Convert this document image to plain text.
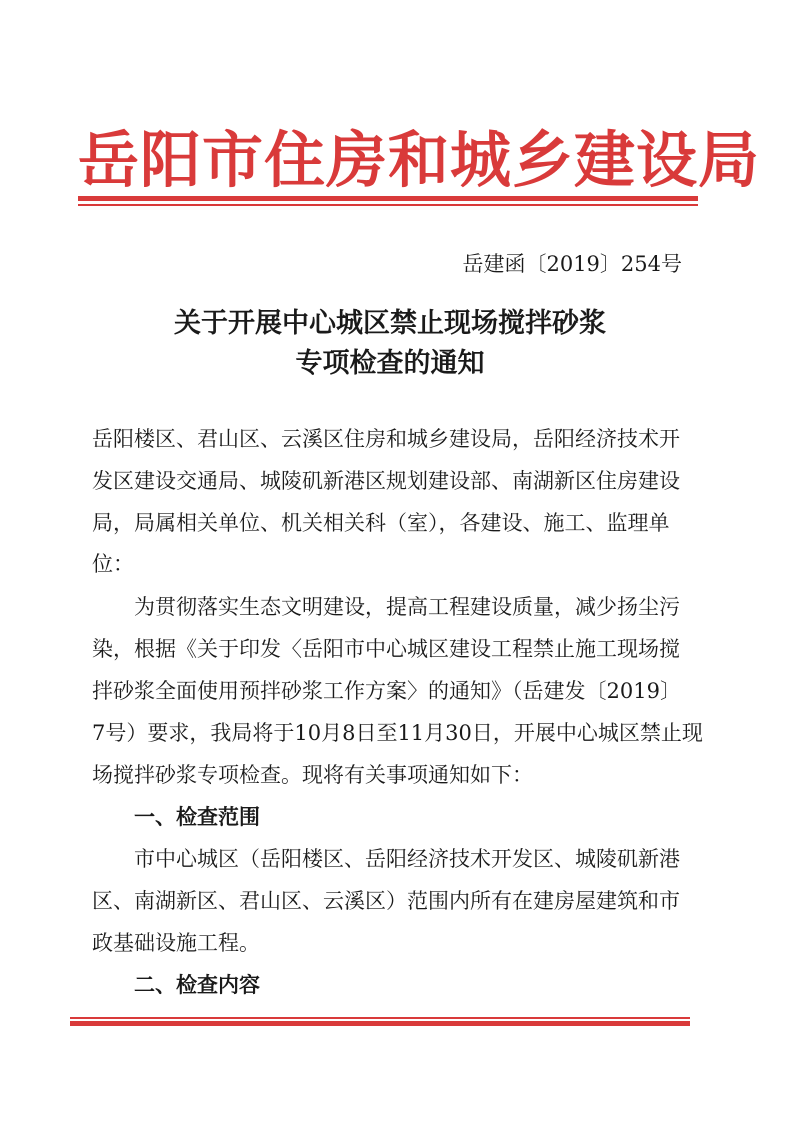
岳阳市住房和城乡建设局
岳建函〔2019〕254号
关于开展中心城区禁止现场搅拌砂浆
专项检查的通知
岳阳楼区、君山区、云溪区住房和城乡建设局，岳阳经济技术开
发区建设交通局、城陵矶新港区规划建设部、南湖新区住房建设
局，局属相关单位、机关相关科（室），各建设、施工、监理单
位：
为贯彻落实生态文明建设，提高工程建设质量，减少扬尘污
染，根据《关于印发〈岳阳市中心城区建设工程禁止施工现场搅
拌砂浆全面使用预拌砂浆工作方案〉的通知》（岳建发〔2019〕
7号）要求，我局将于10月8日至11月30日，开展中心城区禁止现
场搅拌砂浆专项检查。现将有关事项通知如下：
一、检查范围
市中心城区（岳阳楼区、岳阳经济技术开发区、城陵矶新港
区、南湖新区、君山区、云溪区）范围内所有在建房屋建筑和市
政基础设施工程。
二、检查内容
